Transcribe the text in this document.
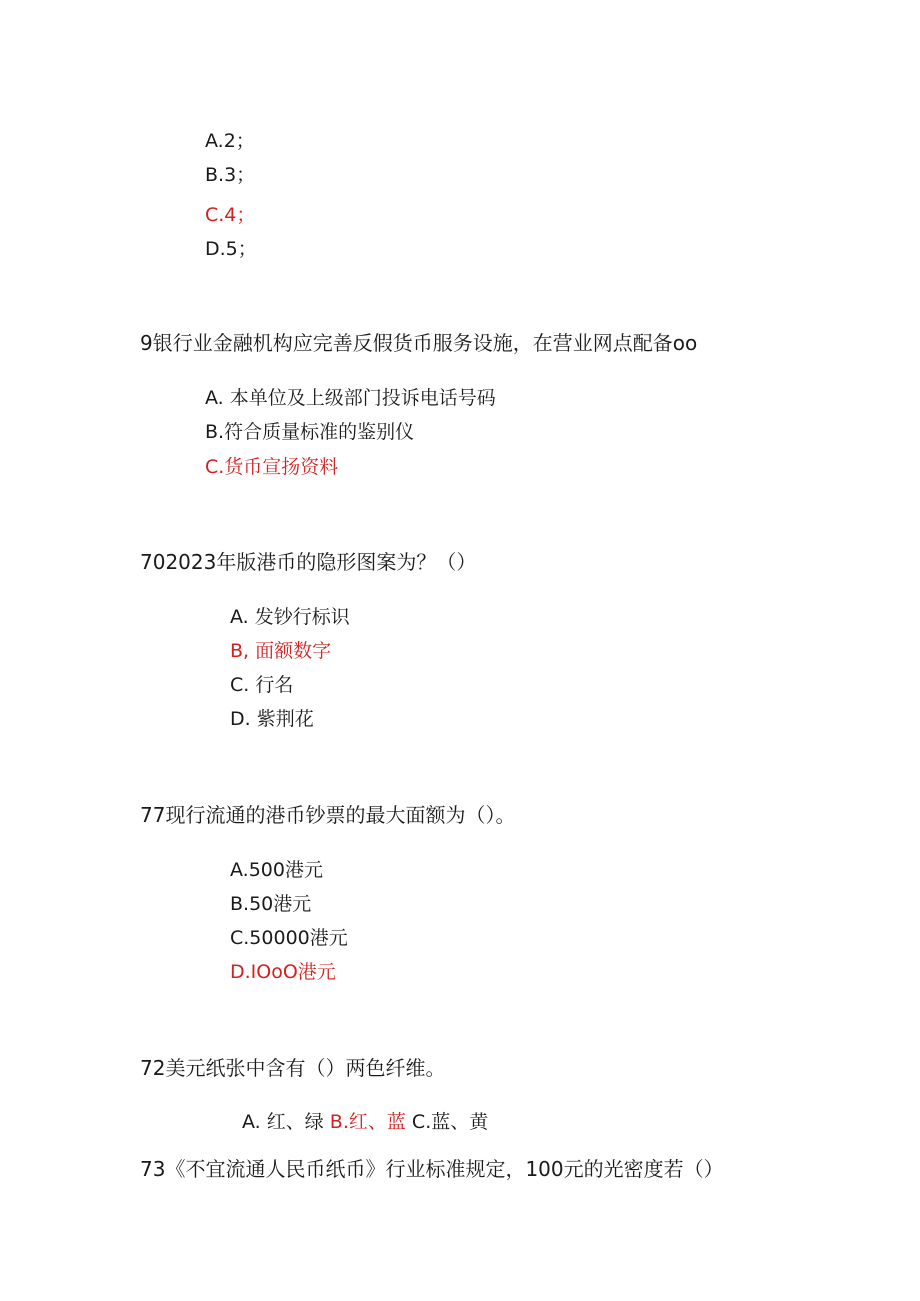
A.2；
B.3；
C.4；
D.5；
9银行业金融机构应完善反假货币服务设施，在营业网点配备oo
A. 本单位及上级部门投诉电话号码
B.符合质量标准的鉴别仪
C.货币宣扬资料
702023年版港币的隐形图案为？（）
A. 发钞行标识
B, 面额数字
C. 行名
D. 紫荆花
77现行流通的港币钞票的最大面额为（）。
A.500港元
B.50港元
C.50000港元
D.IOoO港元
72美元纸张中含有（）两色纤维。
A. 红、绿 B.红、蓝 C.蓝、黄
73《不宜流通人民币纸币》行业标准规定，100元的光密度若（）
